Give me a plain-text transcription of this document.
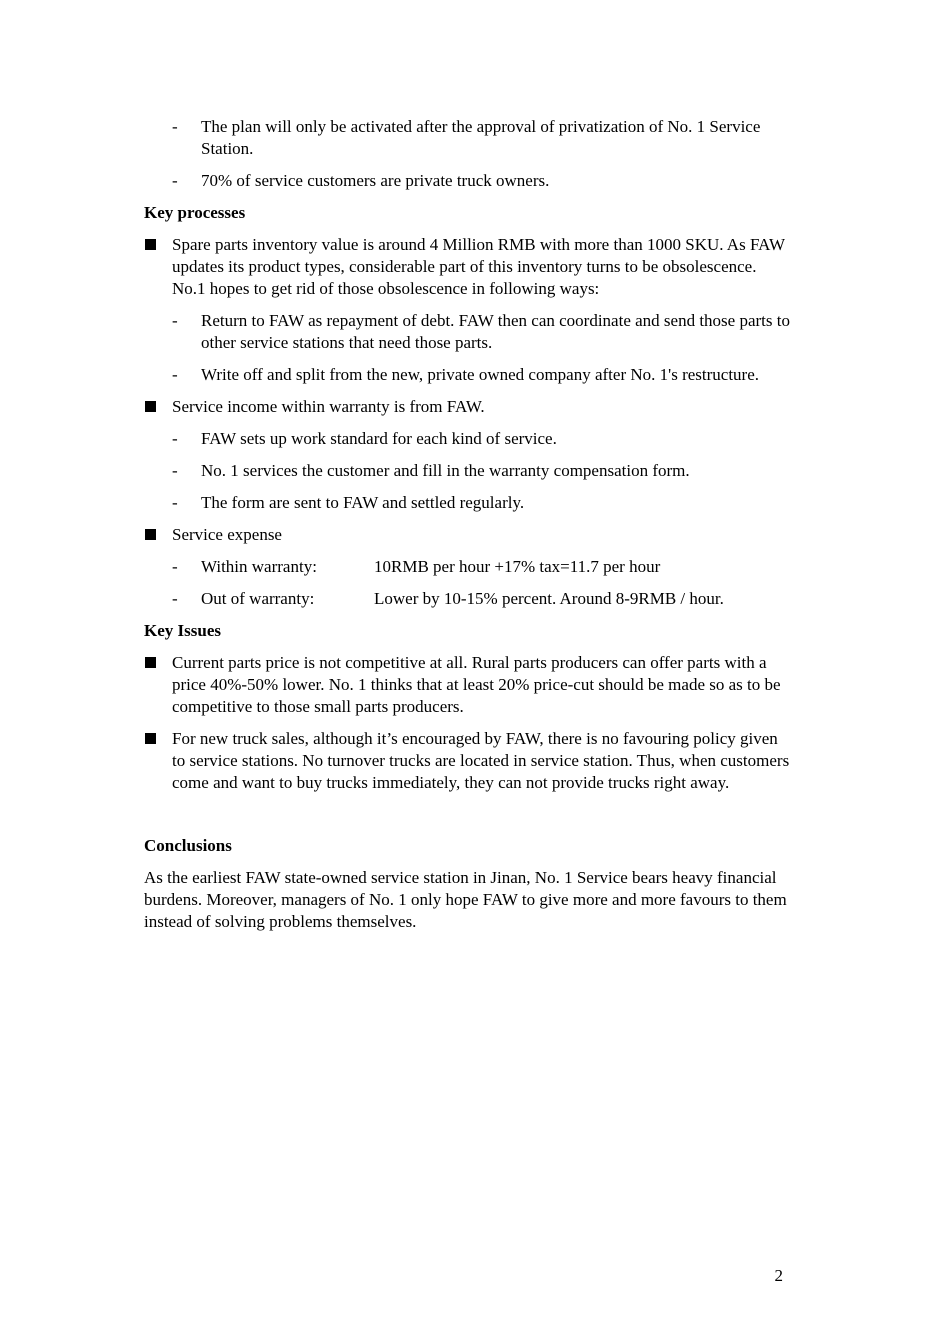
- The plan will only be activated after the approval of privatization of No. 1 Service Station.
- 70% of service customers are private truck owners.
Key processes
Spare parts inventory value is around 4 Million RMB with more than 1000 SKU. As FAW updates its product types, considerable part of this inventory turns to be obsolescence. No.1 hopes to get rid of those obsolescence in following ways:
- Return to FAW as repayment of debt. FAW then can coordinate and send those parts to other service stations that need those parts.
- Write off and split from the new, private owned company after No. 1's restructure.
Service income within warranty is from FAW.
- FAW sets up work standard for each kind of service.
- No. 1 services the customer and fill in the warranty compensation form.
- The form are sent to FAW and settled regularly.
Service expense
- Within warranty:	10RMB per hour +17% tax=11.7 per hour
- Out of warranty:	Lower by 10-15% percent. Around 8-9RMB / hour.
Key Issues
Current parts price is not competitive at all. Rural parts producers can offer parts with a price 40%-50% lower. No. 1 thinks that at least 20% price-cut should be made so as to be competitive to those small parts producers.
For new truck sales, although it’s encouraged by FAW, there is no favouring policy given to service stations. No turnover trucks are located in service station. Thus, when customers come and want to buy trucks immediately, they can not provide trucks right away.
Conclusions

As the earliest FAW state-owned service station in Jinan, No. 1 Service bears heavy financial burdens. Moreover, managers of No. 1 only hope FAW to give more and more favours to them instead of solving problems themselves.

2
